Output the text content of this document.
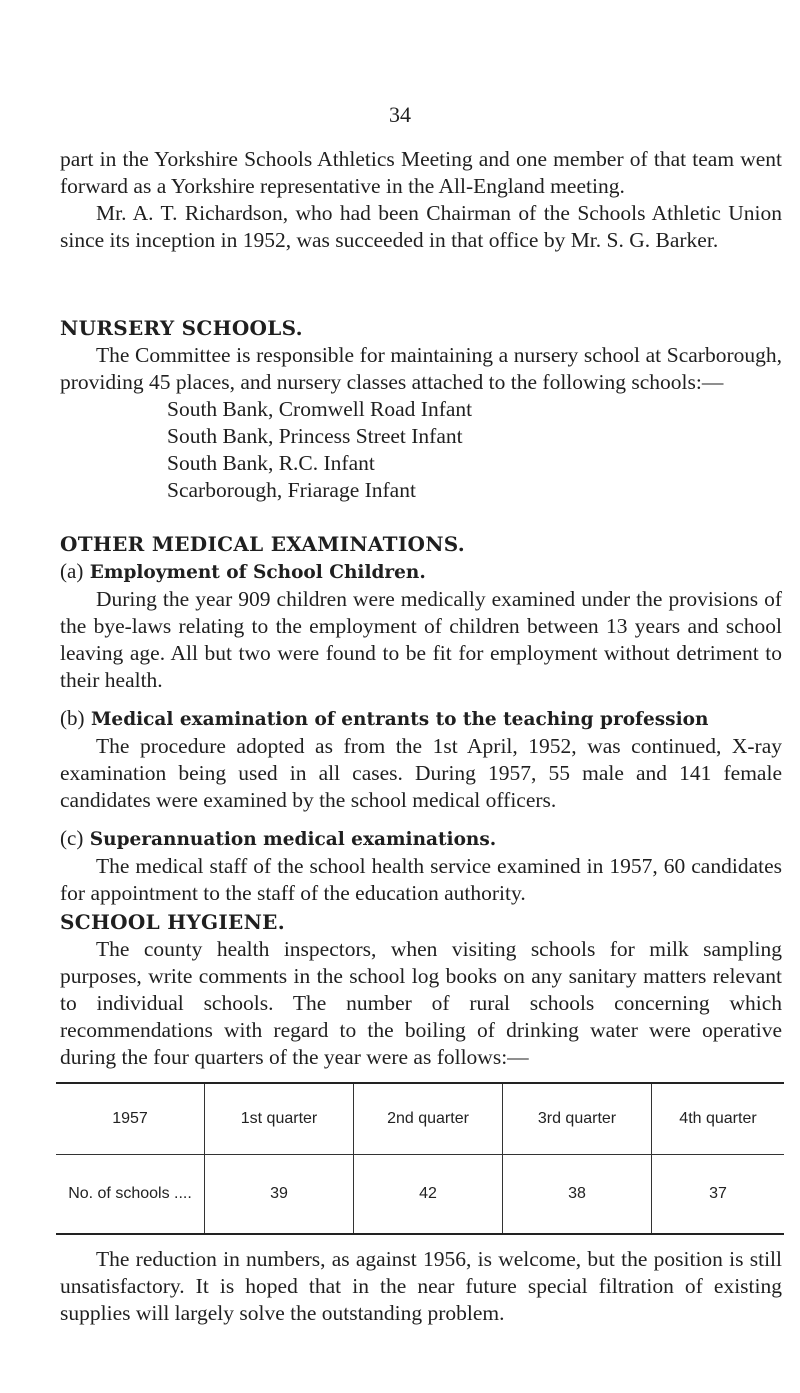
34

part in the Yorkshire Schools Athletics Meeting and one member of that team went forward as a Yorkshire representative in the All-England meeting.

Mr. A. T. Richardson, who had been Chairman of the Schools Athletic Union since its inception in 1952, was succeeded in that office by Mr. S. G. Barker.

NURSERY SCHOOLS.

The Committee is responsible for maintaining a nursery school at Scarborough, providing 45 places, and nursery classes attached to the following schools:—

South Bank, Cromwell Road Infant
South Bank, Princess Street Infant
South Bank, R.C. Infant
Scarborough, Friarage Infant

OTHER MEDICAL EXAMINATIONS.

(a) Employment of School Children.

During the year 909 children were medically examined under the provisions of the bye-laws relating to the employment of children between 13 years and school leaving age. All but two were found to be fit for employment without detriment to their health.

(b) Medical examination of entrants to the teaching profession

The procedure adopted as from the 1st April, 1952, was continued, X-ray examination being used in all cases. During 1957, 55 male and 141 female candidates were examined by the school medical officers.

(c) Superannuation medical examinations.

The medical staff of the school health service examined in 1957, 60 candidates for appointment to the staff of the education authority.

SCHOOL HYGIENE.

The county health inspectors, when visiting schools for milk sampling purposes, write comments in the school log books on any sanitary matters relevant to individual schools. The number of rural schools concerning which recommendations with regard to the boiling of drinking water were operative during the four quarters of the year were as follows:—

1957	1st quarter	2nd quarter	3rd quarter	4th quarter
No. of schools ....	39	42	38	37

The reduction in numbers, as against 1956, is welcome, but the position is still unsatisfactory. It is hoped that in the near future special filtration of existing supplies will largely solve the outstanding problem.
